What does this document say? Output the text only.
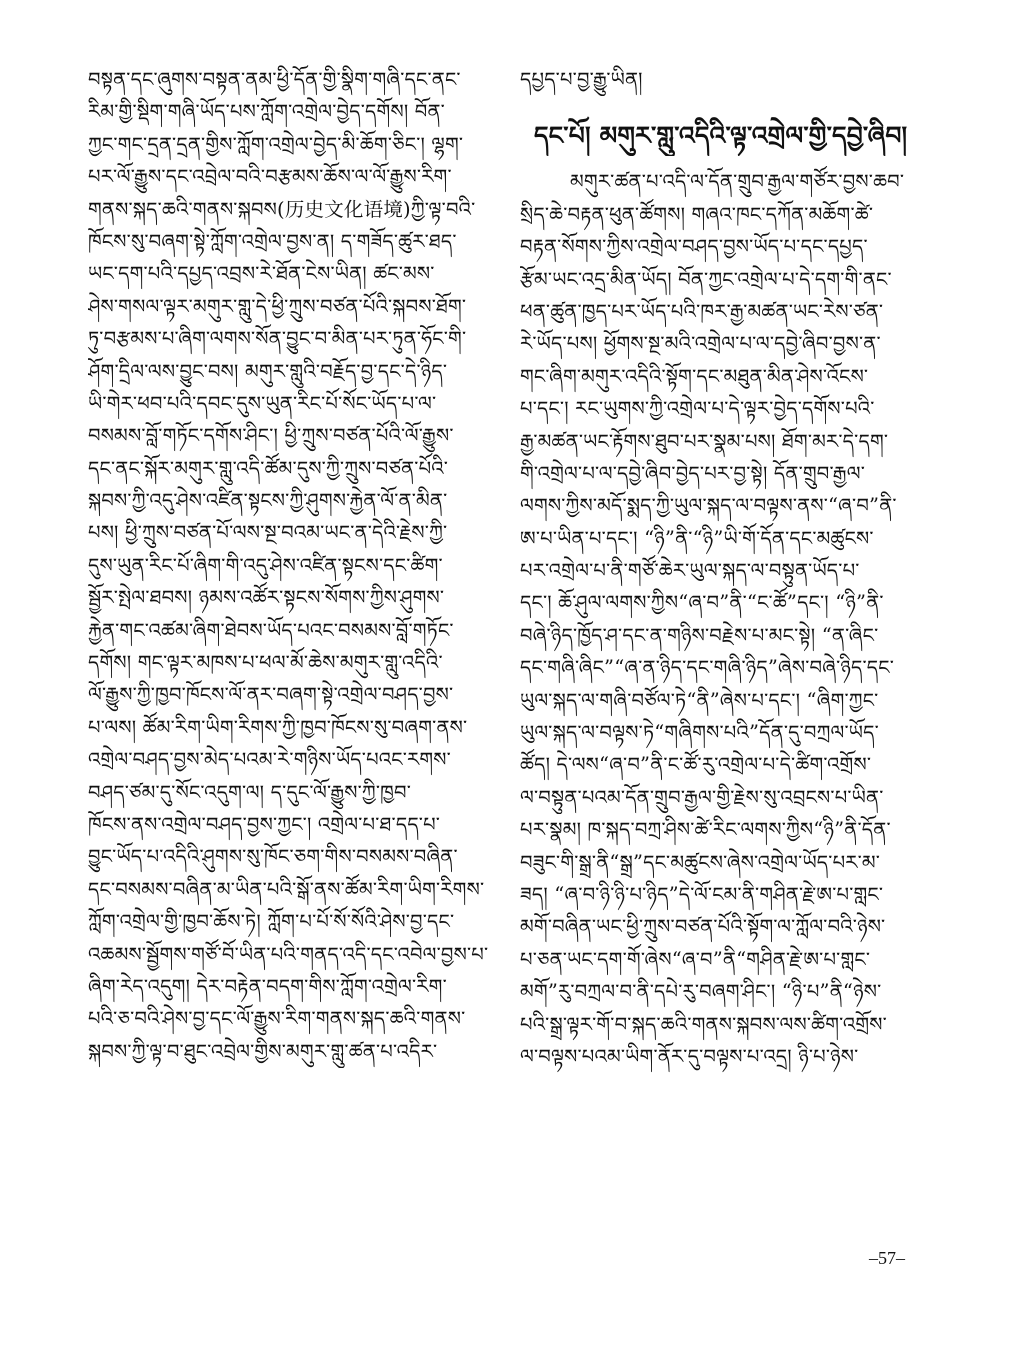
བསྟན་དང་ཞུགས་བསྟན་ནམ་ཕྱི་དོན་གྱི་སྣིག་གཞི་དང་ནང་
རིམ་གྱི་སྡིག་གཞི་ཡོད་པས་ཀློག་འགྲེལ་བྱེད་དགོས། བོན་
ཀྱང་གང་དྲན་དྲན་གྱིས་ཀློག་འགྲེལ་བྱེད་མི་ཆོག་ཅིང་། ལྷག་
པར་ལོ་རྒྱུས་དང་འབྲེལ་བའི་བརྩམས་ཆོས་ལ་ལོ་རྒྱུས་རིག་
གནས་སྐད་ཆའི་གནས་སྐབས(历史文化语境)ཀྱི་ལྟ་བའི་
ཁོངས་སུ་བཞག་སྟེ་ཀློག་འགྲེལ་བྱས་ན། ད་གཟོད་ཚུར་ཐད་
ཡང་དག་པའི་དཔྱད་འབྲས་རེ་ཐོན་ངེས་ཡིན། ཚང་མས་
ཤེས་གསལ་ལྟར་མགུར་གླུ་དེ་ཕྱི་ཀྲུས་བཙན་པོའི་སྐབས་ཐོག་
ཏུ་བརྩམས་པ་ཞིག་ལགས་སོན་བྱུང་བ་མིན་པར་ཏུན་ཧོང་གི་
ཤོག་དྲིལ་ལས་བྱུང་བས། མགུར་གླུའི་བརྗོད་བྱ་དང་དེ་ཉིད་
ཡི་གེར་ཕབ་པའི་དབང་དུས་ཡུན་རིང་པོ་སོང་ཡོད་པ་ལ་
བསམས་བློ་གཏོང་དགོས་ཤིང་། ཕྱི་ཀྲུས་བཙན་པོའི་ལོ་རྒྱུས་
དང་ནང་སྐོར་མགུར་གླུ་འདི་ཚོམ་དུས་ཀྱི་ཀྲུས་བཙན་པོའི་
སྐབས་ཀྱི་འདུ་ཤེས་འཛིན་སྟངས་ཀྱི་ཤུགས་རྐྱེན་ལོ་ན་མིན་
པས། ཕྱི་ཀྲུས་བཙན་པོ་ལས་སྔ་བའམ་ཡང་ན་དེའི་རྗེས་ཀྱི་
དུས་ཡུན་རིང་པོ་ཞིག་གི་འདུ་ཤེས་འཛིན་སྟངས་དང་ཚིག་
སྦྱོར་སྤེལ་ཐབས། ཉམས་འཚོར་སྟངས་སོགས་ཀྱིས་ཤུགས་
རྐྱེན་གང་འཚམ་ཞིག་ཐེབས་ཡོད་པའང་བསམས་བློ་གཏོང་
དགོས། གང་ལྟར་མཁས་པ་ཕལ་མོ་ཆེས་མགུར་གླུ་འདིའི་
ལོ་རྒྱུས་ཀྱི་ཁྱབ་ཁོངས་ལོ་ནར་བཞག་སྟེ་འགྲེལ་བཤད་བྱས་
པ་ལས། ཚོམ་རིག་ཡིག་རིགས་ཀྱི་ཁྱབ་ཁོངས་སུ་བཞག་ནས་
འགྲེལ་བཤད་བྱས་མེད་པའམ་རེ་གཉིས་ཡོད་པའང་རགས་
བཤད་ཙམ་དུ་སོང་འདུག་ལ། ད་དུང་ལོ་རྒྱུས་ཀྱི་ཁྱབ་
ཁོངས་ནས་འགྲེལ་བཤད་བྱས་ཀྱང་། འགྲེལ་པ་ཐ་དད་པ་
བྱུང་ཡོད་པ་འདིའི་ཤུགས་སུ་ཁོང་ཅག་གིས་བསམས་བཞིན་
དང་བསམས་བཞིན་མ་ཡིན་པའི་སྒོ་ནས་ཚོམ་རིག་ཡིག་རིགས་
ཀློག་འགྲེལ་གྱི་ཁྱབ་ཆོས་ཏེ། ཀློག་པ་པོ་སོ་སོའི་ཤེས་བྱ་དང་
འཆམས་སྦྱོགས་གཙོ་བོ་ཡིན་པའི་གནད་འདི་དང་འབེལ་བྱས་པ་
ཞིག་རེད་འདུག། དེར་བརྟེན་བདག་གིས་ཀློག་འགྲེལ་རིག་
པའི་ཅ་བའི་ཤེས་བྱ་དང་ལོ་རྒྱུས་རིག་གནས་སྐད་ཆའི་གནས་
སྐབས་ཀྱི་ལྟ་བ་ཐུང་འབྲེལ་གྱིས་མགུར་གླུ་ཚན་པ་འདིར་
དཔྱད་པ་བྱ་རྒྱུ་ཡིན།
དང་པོ། མགུར་གླུ་འདིའི་ལྟ་འགྲེལ་གྱི་དབྱེ་ཞིབ།
མགུར་ཚན་པ་འདི་ལ་དོན་གྲུབ་རྒྱལ་གཙོར་བྱས་ཆབ་
སྲིད་ཆེ་བརྟན་ཕུན་ཚོགས། གཞའ་ཁང་དཀོན་མཆོག་ཚེ་
བརྟན་སོགས་ཀྱིས་འགྲེལ་བཤད་བྱས་ཡོད་པ་དང་དཔྱད་
རྩོམ་ཡང་འདྲ་མིན་ཡོད། བོན་ཀྱང་འགྲེལ་པ་དེ་དག་གི་ནང་
ཕན་ཚུན་ཁྱད་པར་ཡོད་པའི་ཁར་རྒྱ་མཚན་ཡང་རེས་ཙན་
རེ་ཡོད་པས། ཕྱོགས་སྔ་མའི་འགྲེལ་པ་ལ་དབྱེ་ཞིབ་བྱས་ན་
གང་ཞིག་མགུར་འདིའི་སྟོག་དང་མཐུན་མིན་ཤེས་འོངས་
པ་དང་། རང་ཡུགས་ཀྱི་འགྲེལ་པ་དེ་ལྟར་བྱེད་དགོས་པའི་
རྒྱ་མཚན་ཡང་རྟོགས་ཐུབ་པར་སྣམ་པས། ཐོག་མར་དེ་དག་
གི་འགྲེལ་པ་ལ་དབྱེ་ཞིབ་བྱེད་པར་བྱ་སྟེ། དོན་གྲུབ་རྒྱལ་
ལགས་ཀྱིས་མདོ་སྨད་ཀྱི་ཡུལ་སྐད་ལ་བལྟས་ནས་“ཞ་བ”ནི་
ཨ་པ་ཡིན་པ་དང་། “ཉི”ནི་“ཉི”ཡི་གོ་དོན་དང་མཚུངས་
པར་འགྲེལ་པ་ནི་གཙོ་ཆེར་ཡུལ་སྐད་ལ་བསྟུན་ཡོད་པ་
དང་། ཆོ་ཤུལ་ལགས་ཀྱིས“ཞ་བ”ནི་“ང་ཚོ”དང་། “ཉི”ནི་
བཞེ་ཉིད་ཁྱོད་ཤ་དང་ན་གཉིས་བརྗེས་པ་མང་སྟེ། “ན་ཞིང་
དང་གཞི་ཞིང”“ཞ་ན་ཉིད་དང་གཞི་ཉིད”ཞེས་བཞེ་ཉིད་དང་
ཡུལ་སྐད་ལ་གཞི་བཙོལ་ཏེ“ནི”ཞེས་པ་དང་། “ཞིག་ཀྱང་
ཡུལ་སྐད་ལ་བལྟས་ཏེ“གཞིགས་པའི”དོན་དུ་བཀྲལ་ཡོད་
ཚོད། དེ་ལས“ཞ་བ”ནི་ང་ཚོ་རུ་འགྲེལ་པ་དེ་ཚིག་འགྲོས་
ལ་བསྟུན་པའམ་དོན་གྲུབ་རྒྱལ་གྱི་རྗེས་སུ་འབྲངས་པ་ཡིན་
པར་སྣམ། ཁ་སྐད་བཀྲ་ཤིས་ཚེ་རིང་ལགས་ཀྱིས“ཉི”ནི་དོན་
བཟུང་གི་སྒྲ་ནི“སྒྲ”དང་མཚུངས་ཞེས་འགྲེལ་ཡོད་པར་མ་
ཟད། “ཞ་བ་ཉི་ཉི་པ་ཉིད”དེ་ལོ་ངམ་ནི་གཤིན་རྗེ་ཨ་པ་གླང་
མགོ་བཞིན་ཡང་ཕྱི་ཀྲུས་བཙན་པོའི་སྟོག་ལ་ཀློལ་བའི་ཉེས་
པ་ཅན་ཡང་དག་གོ་ཞེས“ཞ་བ”ནི“གཤིན་རྗེ་ཨ་པ་གླང་
མགོ”རུ་བཀྲལ་བ་ནི་དཔེ་རུ་བཞག་ཤིང་། “ཉི་པ”ནི“ཉེས་
པའི་སྒྲ་ལྟར་གོ་བ་སྐད་ཆའི་གནས་སྐབས་ལས་ཚིག་འགྲོས་
ལ་བལྟས་པའམ་ཡིག་ནོར་དུ་བལྟས་པ་འདྲ། ཉི་པ་ཉེས་
–57–
